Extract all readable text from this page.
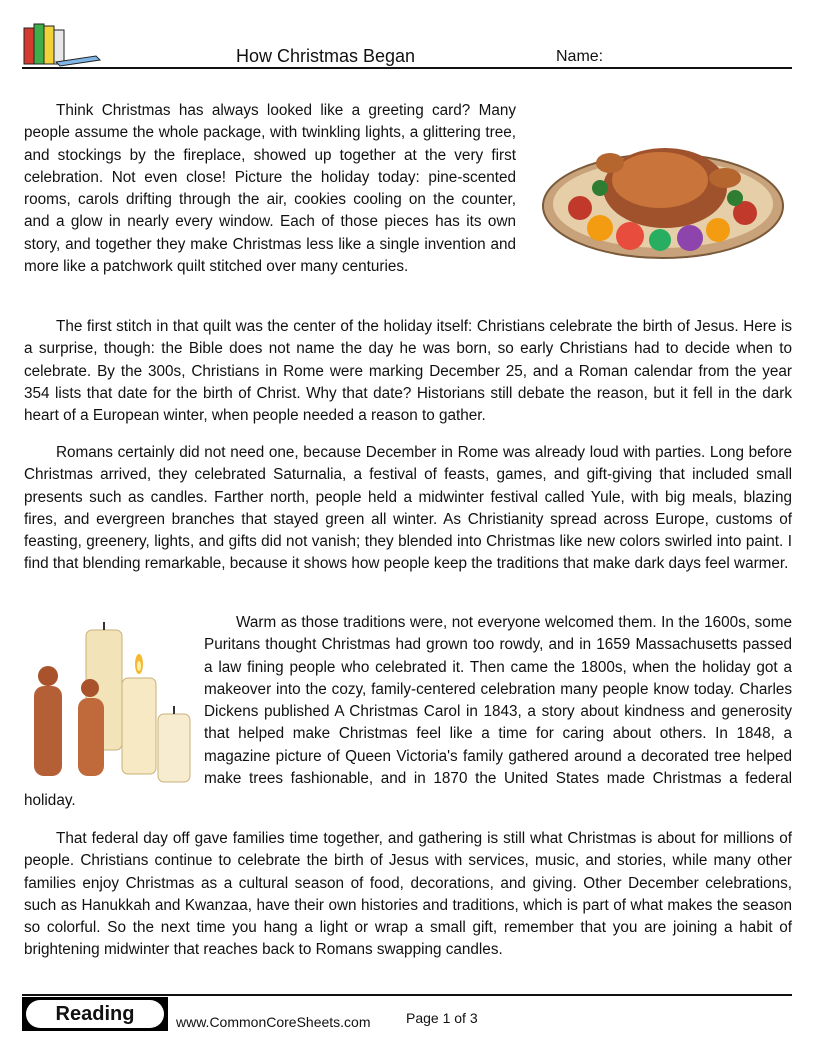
How Christmas Began	Name:

Think Christmas has always looked like a greeting card? Many people assume the whole package, with twinkling lights, a glittering tree, and stockings by the fireplace, showed up together at the very first celebration. Not even close! Picture the holiday today: pine-scented rooms, carols drifting through the air, cookies cooling on the counter, and a glow in nearly every window. Each of those pieces has its own story, and together they make Christmas less like a single invention and more like a patchwork quilt stitched over many centuries.

The first stitch in that quilt was the center of the holiday itself: Christians celebrate the birth of Jesus. Here is a surprise, though: the Bible does not name the day he was born, so early Christians had to decide when to celebrate. By the 300s, Christians in Rome were marking December 25, and a Roman calendar from the year 354 lists that date for the birth of Christ. Why that date? Historians still debate the reason, but it fell in the dark heart of a European winter, when people needed a reason to gather.

Romans certainly did not need one, because December in Rome was already loud with parties. Long before Christmas arrived, they celebrated Saturnalia, a festival of feasts, games, and gift-giving that included small presents such as candles. Farther north, people held a midwinter festival called Yule, with big meals, blazing fires, and evergreen branches that stayed green all winter. As Christianity spread across Europe, customs of feasting, greenery, lights, and gifts did not vanish; they blended into Christmas like new colors swirled into paint. I find that blending remarkable, because it shows how people keep the traditions that make dark days feel warmer.

Warm as those traditions were, not everyone welcomed them. In the 1600s, some Puritans thought Christmas had grown too rowdy, and in 1659 Massachusetts passed a law fining people who celebrated it. Then came the 1800s, when the holiday got a makeover into the cozy, family-centered celebration many people know today. Charles Dickens published A Christmas Carol in 1843, a story about kindness and generosity that helped make Christmas feel like a time for caring about others. In 1848, a magazine picture of Queen Victoria's family gathered around a decorated tree helped make trees fashionable, and in 1870 the United States made Christmas a federal holiday.

That federal day off gave families time together, and gathering is still what Christmas is about for millions of people. Christians continue to celebrate the birth of Jesus with services, music, and stories, while many other families enjoy Christmas as a cultural season of food, decorations, and giving. Other December celebrations, such as Hanukkah and Kwanzaa, have their own histories and traditions, which is part of what makes the season so colorful. So the next time you hang a light or wrap a small gift, remember that you are joining a habit of brightening midwinter that reaches back to Romans swapping candles.

Reading	www.CommonCoreSheets.com	Page 1 of 3
